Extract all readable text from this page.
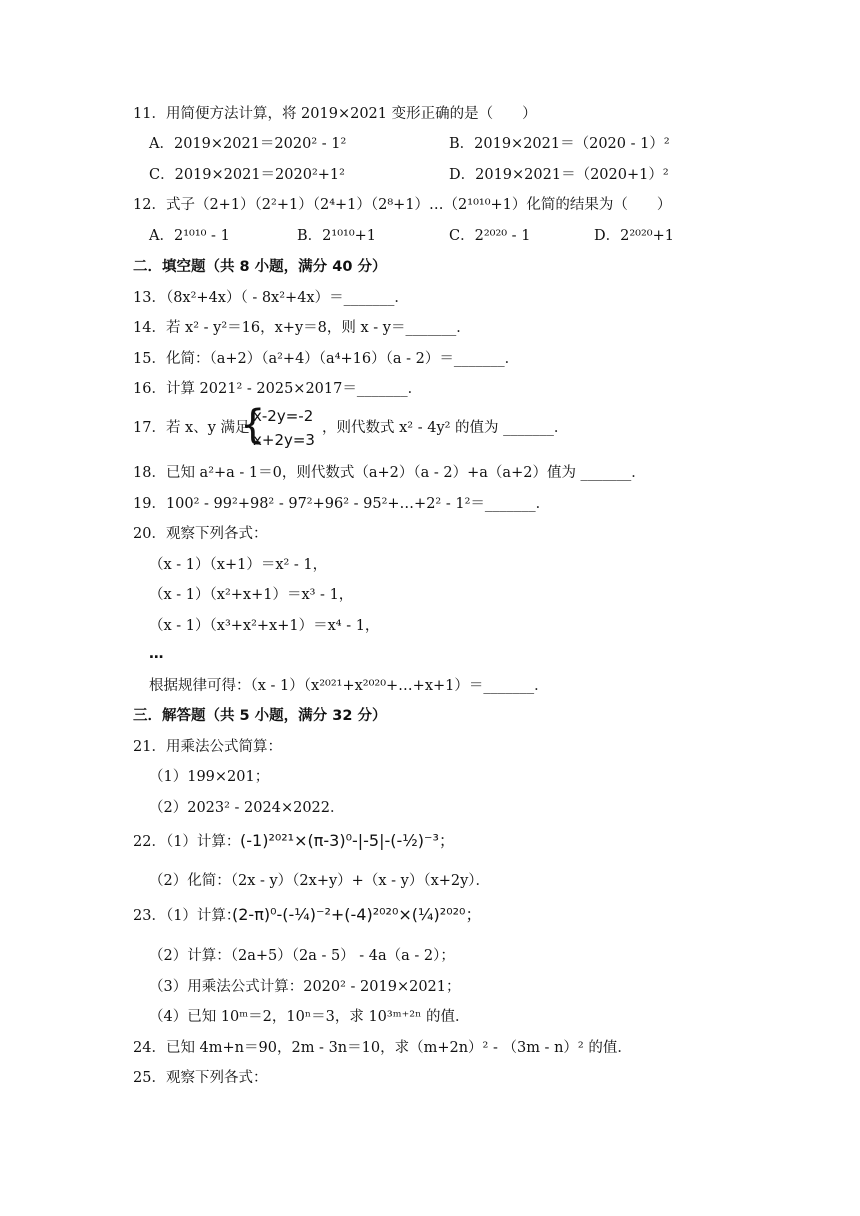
11．用简便方法计算，将 2019×2021 变形正确的是（　　）
A．2019×2021＝2020² - 1²	B．2019×2021＝（2020 - 1）²
C．2019×2021＝2020²+1²	D．2019×2021＝（2020+1）²
12．式子（2+1）（2²+1）（2⁴+1）（2⁸+1）…（2¹⁰¹⁰+1）化简的结果为（　　）
A．2¹⁰¹⁰ - 1	B．2¹⁰¹⁰+1	C．2²⁰²⁰ - 1	D．2²⁰²⁰+1
二．填空题（共 8 小题，满分 40 分）
13．（8x²+4x）（ - 8x²+4x）＝_______．
14．若 x² - y²＝16，x+y＝8，则 x - y＝_______．
15．化简：（a+2）（a²+4）（a⁴+16）（a - 2）＝_______．
16．计算 2021² - 2025×2017＝_______．
17．若 x、y 满足
{
x-2y=-2
x+2y=3
，则代数式 x² - 4y² 的值为 _______．
18．已知 a²+a - 1＝0，则代数式（a+2）（a - 2）+a（a+2）值为 _______．
19．100² - 99²+98² - 97²+96² - 95²+…+2² - 1²＝_______．
20．观察下列各式：
（x - 1）（x+1）＝x² - 1，
（x - 1）（x²+x+1）＝x³ - 1，
（x - 1）（x³+x²+x+1）＝x⁴ - 1，
…
根据规律可得：（x - 1）（x²⁰²¹+x²⁰²⁰+…+x+1）＝_______．
三．解答题（共 5 小题，满分 32 分）
21．用乘法公式简算：
（1）199×201；
（2）2023² - 2024×2022．
22．（1）计算： (-1)²⁰²¹×(π-3)⁰-|-5|-(-½)⁻³；
（2）化简：（2x - y）（2x+y）+（x - y）（x+2y）．
23．（1）计算：
(2-π)⁰-(-¼)⁻²+(-4)²⁰²⁰×(¼)²⁰²⁰；
（2）计算：（2a+5）（2a - 5） - 4a（a - 2）；
（3）用乘法公式计算：2020² - 2019×2021；
（4）已知 10ᵐ＝2，10ⁿ＝3，求 10³ᵐ⁺²ⁿ 的值．
24．已知 4m+n＝90，2m - 3n＝10，求（m+2n）² - （3m - n）² 的值．
25．观察下列各式：
